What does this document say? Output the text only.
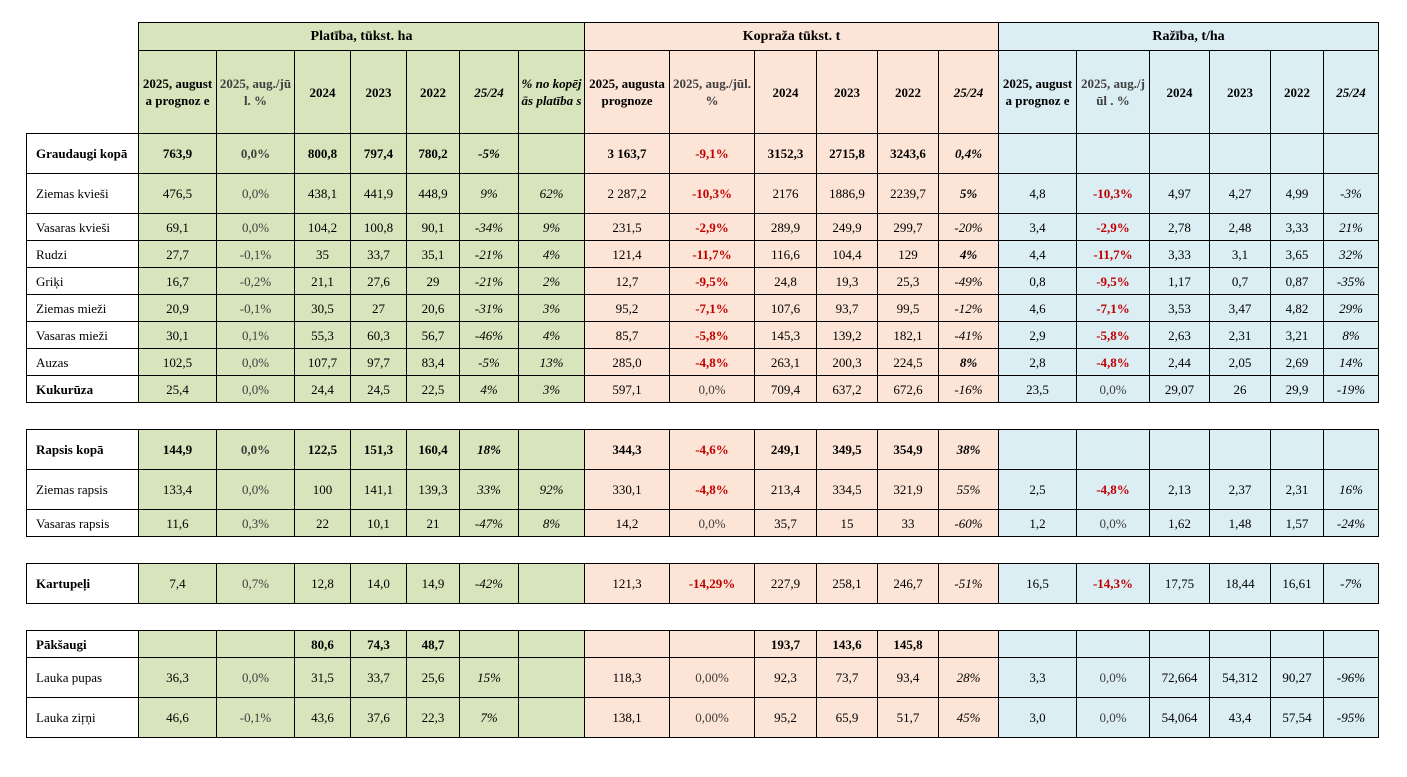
	Platība, tūkst. ha							Kopraža tūkst. t						Ražība, t/ha					
	2025, augusta prognoz e	2025, aug./jūl. %	2024	2023	2022	25/24	% no kopējās platība s	2025, augusta prognoze	2025, aug./jūl. %	2024	2023	2022	25/24	2025, augusta prognoz e	2025, aug./jūl . %	2024	2023	2022	25/24
Graudaugi kopā	763,9	0,0%	800,8	797,4	780,2	-5%		3 163,7	-9,1%	3152,3	2715,8	3243,6	0,4%						
Ziemas kvieši	476,5	0,0%	438,1	441,9	448,9	9%	62%	2 287,2	-10,3%	2176	1886,9	2239,7	5%	4,8	-10,3%	4,97	4,27	4,99	-3%
Vasaras kvieši	69,1	0,0%	104,2	100,8	90,1	-34%	9%	231,5	-2,9%	289,9	249,9	299,7	-20%	3,4	-2,9%	2,78	2,48	3,33	21%
Rudzi	27,7	-0,1%	35	33,7	35,1	-21%	4%	121,4	-11,7%	116,6	104,4	129	4%	4,4	-11,7%	3,33	3,1	3,65	32%
Griķi	16,7	-0,2%	21,1	27,6	29	-21%	2%	12,7	-9,5%	24,8	19,3	25,3	-49%	0,8	-9,5%	1,17	0,7	0,87	-35%
Ziemas mieži	20,9	-0,1%	30,5	27	20,6	-31%	3%	95,2	-7,1%	107,6	93,7	99,5	-12%	4,6	-7,1%	3,53	3,47	4,82	29%
Vasaras mieži	30,1	0,1%	55,3	60,3	56,7	-46%	4%	85,7	-5,8%	145,3	139,2	182,1	-41%	2,9	-5,8%	2,63	2,31	3,21	8%
Auzas	102,5	0,0%	107,7	97,7	83,4	-5%	13%	285,0	-4,8%	263,1	200,3	224,5	8%	2,8	-4,8%	2,44	2,05	2,69	14%
Kukurūza	25,4	0,0%	24,4	24,5	22,5	4%	3%	597,1	0,0%	709,4	637,2	672,6	-16%	23,5	0,0%	29,07	26	29,9	-19%

Rapsis kopā	144,9	0,0%	122,5	151,3	160,4	18%		344,3	-4,6%	249,1	349,5	354,9	38%						
Ziemas rapsis	133,4	0,0%	100	141,1	139,3	33%	92%	330,1	-4,8%	213,4	334,5	321,9	55%	2,5	-4,8%	2,13	2,37	2,31	16%
Vasaras rapsis	11,6	0,3%	22	10,1	21	-47%	8%	14,2	0,0%	35,7	15	33	-60%	1,2	0,0%	1,62	1,48	1,57	-24%

Kartupeļi	7,4	0,7%	12,8	14,0	14,9	-42%		121,3	-14,29%	227,9	258,1	246,7	-51%	16,5	-14,3%	17,75	18,44	16,61	-7%

Pākšaugi			80,6	74,3	48,7					193,7	143,6	145,8							
Lauka pupas	36,3	0,0%	31,5	33,7	25,6	15%		118,3	0,00%	92,3	73,7	93,4	28%	3,3	0,0%	72,664	54,312	90,27	-96%
Lauka ziŗņi	46,6	-0,1%	43,6	37,6	22,3	7%		138,1	0,00%	95,2	65,9	51,7	45%	3,0	0,0%	54,064	43,4	57,54	-95%
